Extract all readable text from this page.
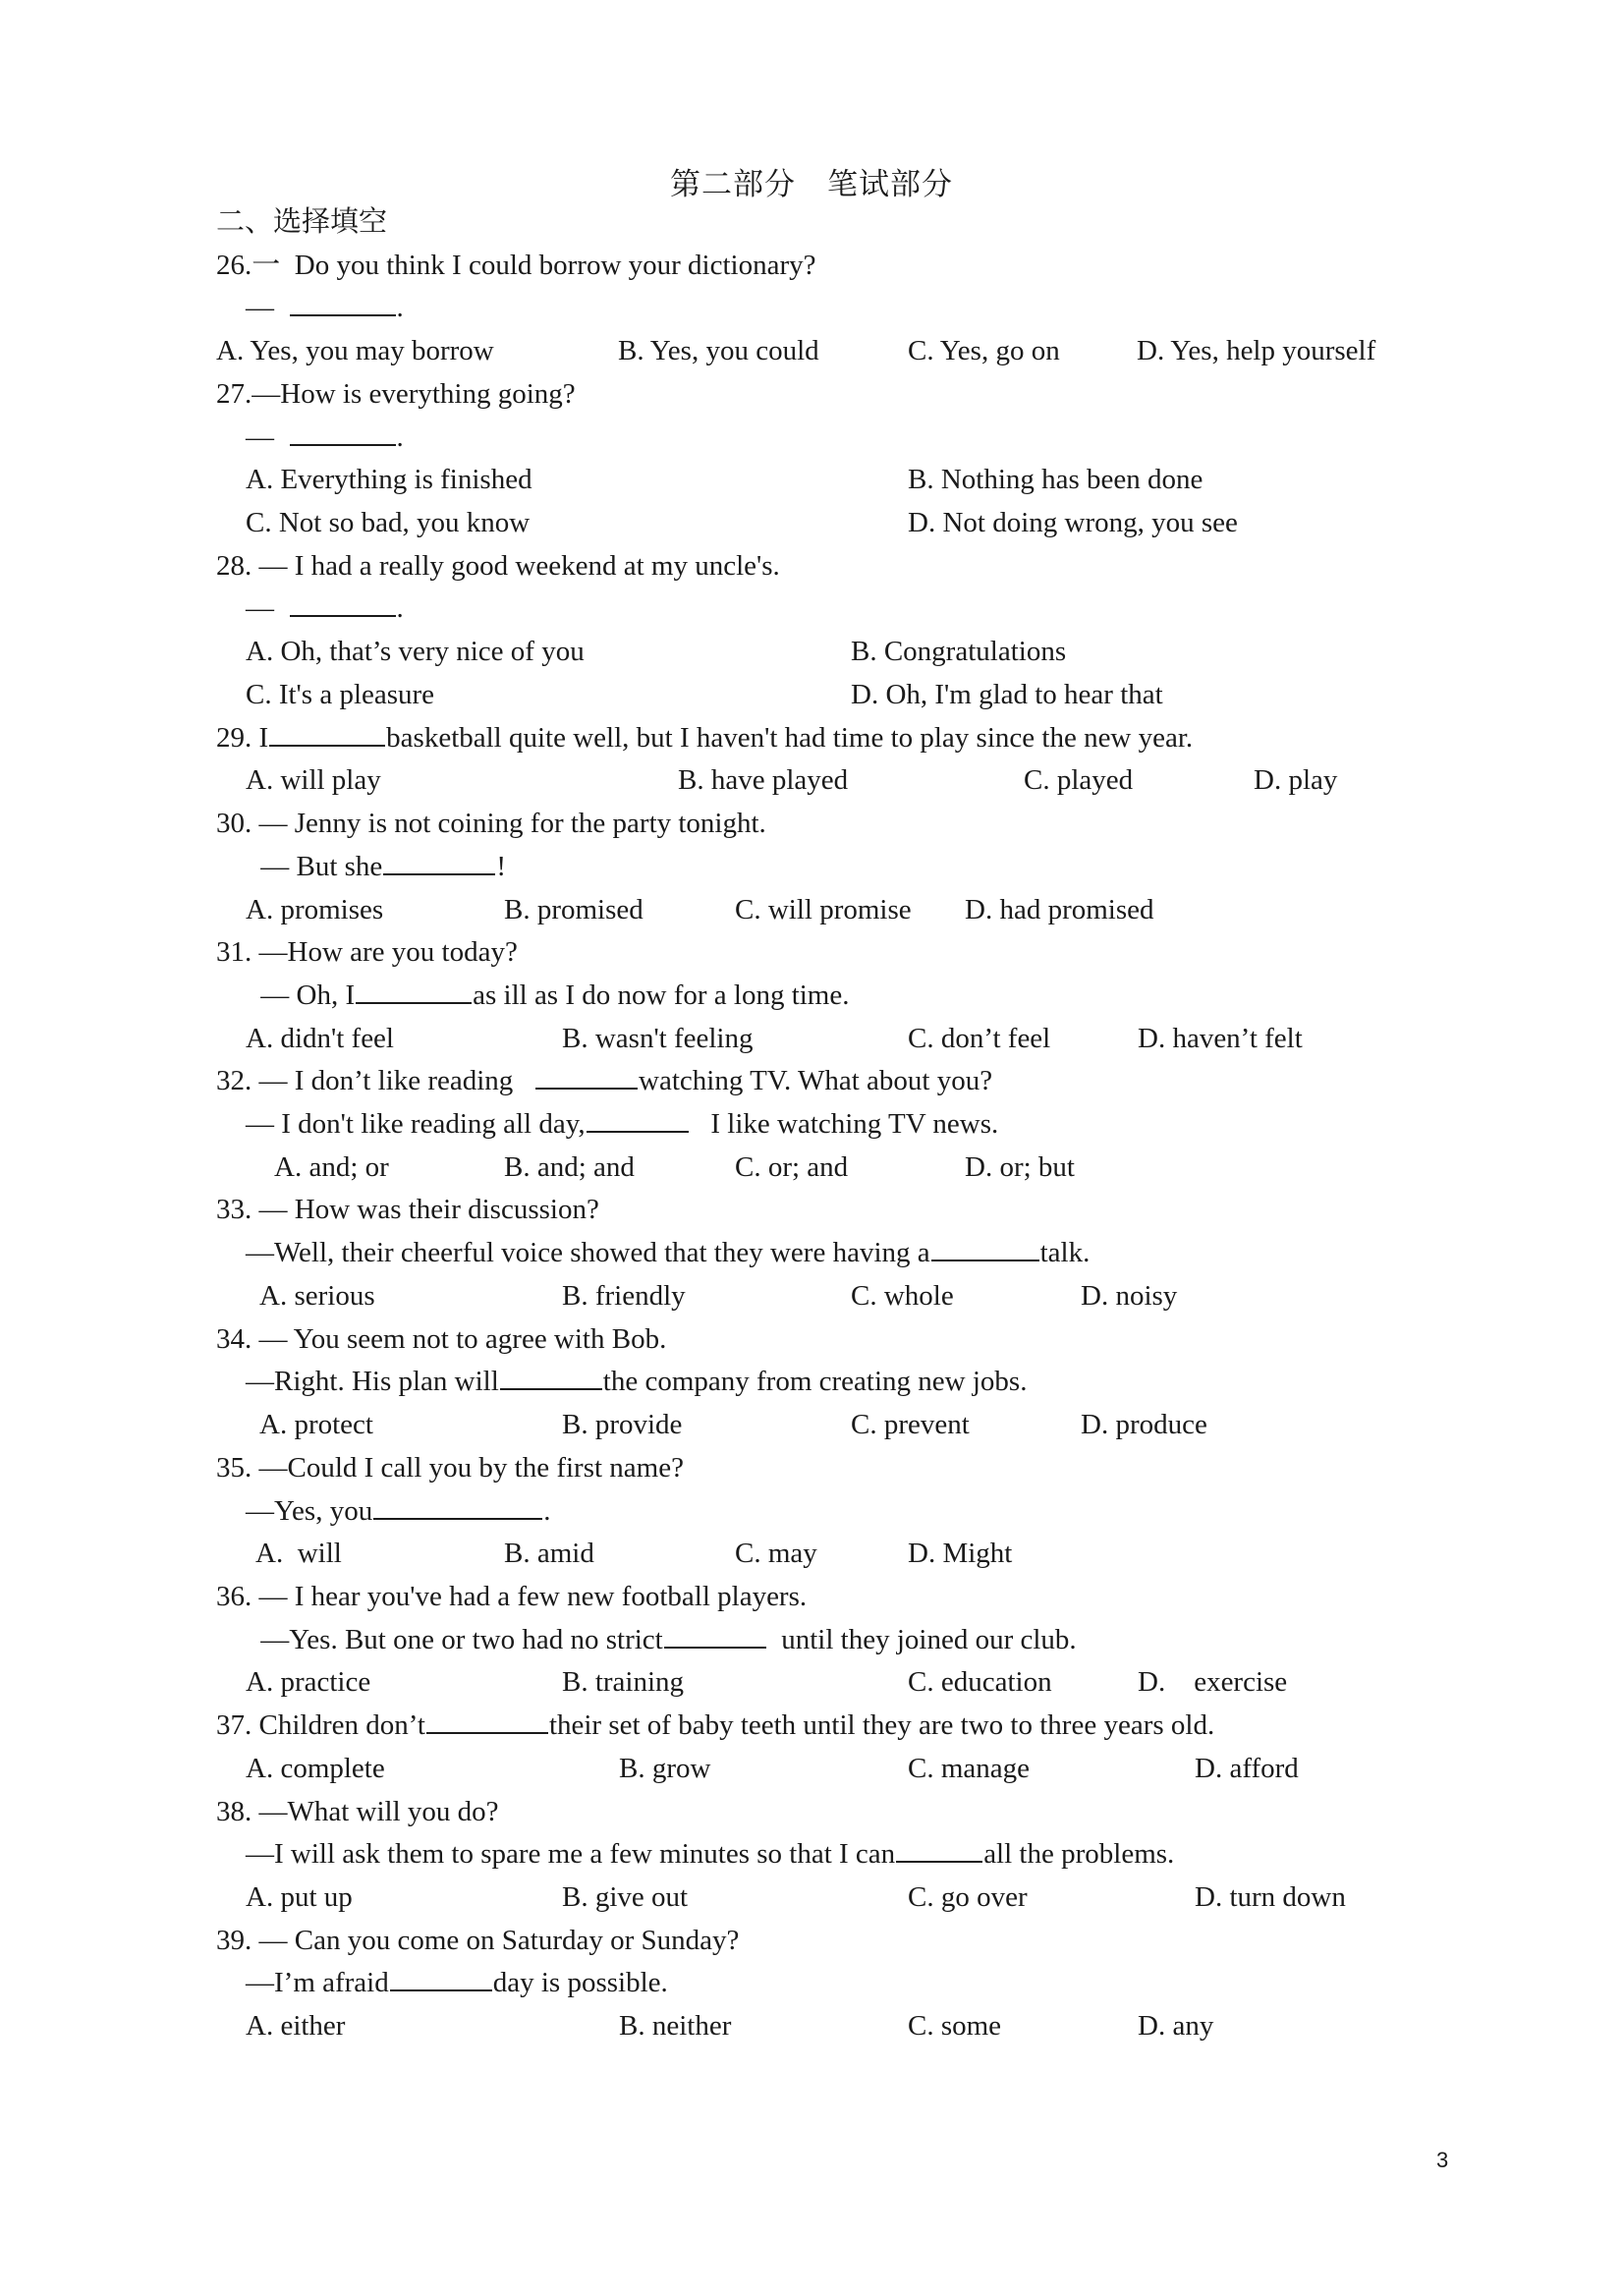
第二部分 笔试部分
二、选择填空
26.一  Do you think I could borrow your dictionary?
—	.
A. Yes, you may borrow	B. Yes, you could	C. Yes, go on	D. Yes, help yourself
27.—How is everything going?
—	.
A. Everything is finished	B. Nothing has been done
C. Not so bad, you know	D. Not doing wrong, you see
28. — I had a really good weekend at my uncle's.
—	.
A. Oh, that’s very nice of you	B. Congratulations
C. It's a pleasure	D. Oh, I'm glad to hear that
29. I	basketball quite well, but I haven't had time to play since the new year.
A. will play	B. have played	C. played	D. play
30. — Jenny is not coining for the party tonight.
— But she	!
A. promises	B. promised	C. will promise D. had promised
31. —How are you today?
— Oh, I	as ill as I do now for a long time.
A. didn't feel	B. wasn't feeling	C. don’t feel	D. haven’t felt
32. — I don’t like reading	watching TV. What about you?
— I don't like reading all day,	I like watching TV news.
A. and; or	B. and; and	C. or; and	D. or; but
33. — How was their discussion?
—Well, their cheerful voice showed that they were having a	talk.
A. serious	B. friendly	C. whole	D. noisy
34. — You seem not to agree with Bob.
—Right. His plan will	the company from creating new jobs.
A. protect	B. provide	C. prevent	D. produce
35. —Could I call you by the first name?
—Yes, you	.
A.  will	B. amid	C. may	D. Might
36. — I hear you've had a few new football players.
—Yes. But one or two had no strict	until they joined our club.
A. practice	B. training	C. education	D.    exercise
37. Children don’t	their set of baby teeth until they are two to three years old.
A. complete	B. grow	C. manage	D. afford
38. —What will you do?
—I will ask them to spare me a few minutes so that I can	all the problems.
A. put up	B. give out	C. go over	D. turn down
39. — Can you come on Saturday or Sunday?
—I’m afraid	day is possible.
A. either	B. neither	C. some	D. any
3
